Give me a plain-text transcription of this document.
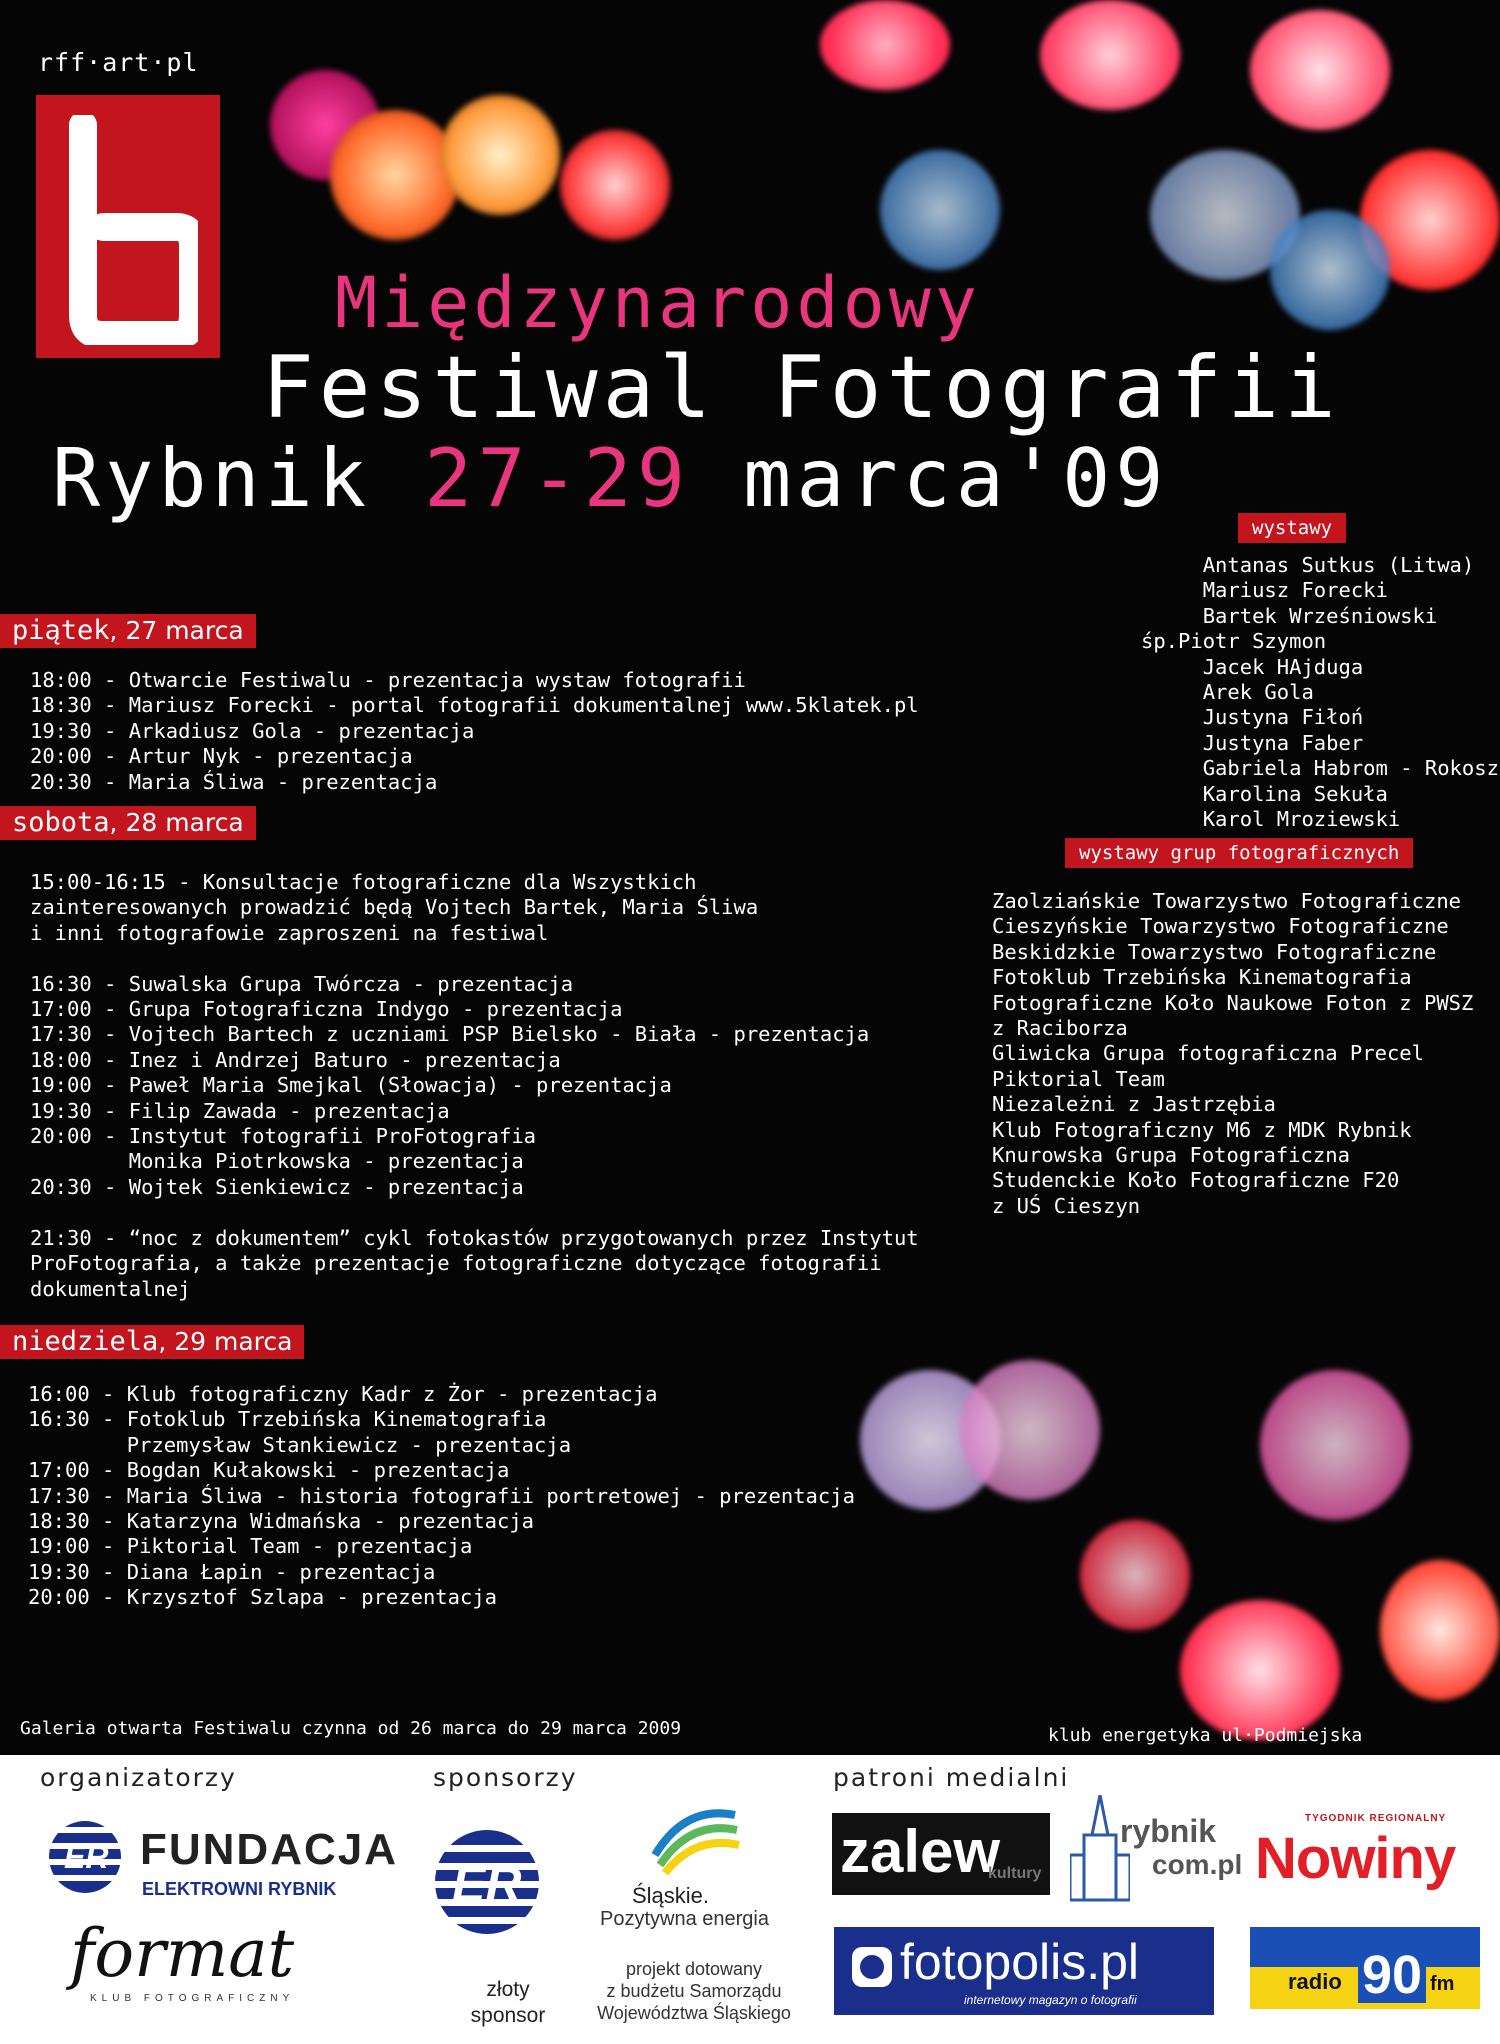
rff·art·pl
Międzynarodowy
Festiwal Fotografii
Rybnik 27-29 marca'09
piątek, 27 marca
18:00 - Otwarcie Festiwalu - prezentacja wystaw fotografii
18:30 - Mariusz Forecki - portal fotografii dokumentalnej www.5klatek.pl
19:30 - Arkadiusz Gola - prezentacja
20:00 - Artur Nyk - prezentacja
20:30 - Maria Śliwa - prezentacja
sobota, 28 marca
15:00-16:15 - Konsultacje fotograficzne dla Wszystkich
zainteresowanych prowadzić będą Vojtech Bartek, Maria Śliwa
i inni fotografowie zaproszeni na festiwal

16:30 - Suwalska Grupa Twórcza - prezentacja
17:00 - Grupa Fotograficzna Indygo - prezentacja
17:30 - Vojtech Bartech z uczniami PSP Bielsko - Biała - prezentacja
18:00 - Inez i Andrzej Baturo - prezentacja
19:00 - Paweł Maria Smejkal (Słowacja) - prezentacja
19:30 - Filip Zawada - prezentacja
20:00 - Instytut fotografii ProFotografia
Monika Piotrkowska - prezentacja
20:30 - Wojtek Sienkiewicz - prezentacja

21:30 - “noc z dokumentem” cykl fotokastów przygotowanych przez Instytut
ProFotografia, a także prezentacje fotograficzne dotyczące fotografii
dokumentalnej
niedziela, 29 marca
16:00 - Klub fotograficzny Kadr z Żor - prezentacja
16:30 - Fotoklub Trzebińska Kinematografia
Przemysław Stankiewicz - prezentacja
17:00 - Bogdan Kułakowski - prezentacja
17:30 - Maria Śliwa - historia fotografii portretowej - prezentacja
18:30 - Katarzyna Widmańska - prezentacja
19:00 - Piktorial Team - prezentacja
19:30 - Diana Łapin - prezentacja
20:00 - Krzysztof Szlapa - prezentacja
wystawy
Antanas Sutkus (Litwa)
Mariusz Forecki
Bartek Wrześniowski
śp.Piotr Szymon
Jacek HAjduga
Arek Gola
Justyna Fiłoń
Justyna Faber
Gabriela Habrom - Rokosz
Karolina Sekuła
Karol Mroziewski
wystawy grup fotograficznych
Zaolziańskie Towarzystwo Fotograficzne
Cieszyńskie Towarzystwo Fotograficzne
Beskidzkie Towarzystwo Fotograficzne
Fotoklub Trzebińska Kinematografia
Fotograficzne Koło Naukowe Foton z PWSZ
z Raciborza
Gliwicka Grupa fotograficzna Precel
Piktorial Team
Niezależni z Jastrzębia
Klub Fotograficzny M6 z MDK Rybnik
Knurowska Grupa Fotograficzna
Studenckie Koło Fotograficzne F20
z UŚ Cieszyn
Galeria otwarta Festiwalu czynna od 26 marca do 29 marca 2009	klub energetyka ul·Podmiejska
organizatorzy	sponsorzy	patroni medialni
ER FUNDACJA
ELEKTROWNI RYBNIK
format
KLUB FOTOGRAFICZNY
ER
złoty
sponsor
Śląskie.
Pozytywna energia
projekt dotowany
z budżetu Samorządu
Województwa Śląskiego
zalew
kultury
rybnik
com.pl
TYGODNIK REGIONALNY
Nowiny
fotopolis.pl
internetowy magazyn o fotografii
radio 90 fm
